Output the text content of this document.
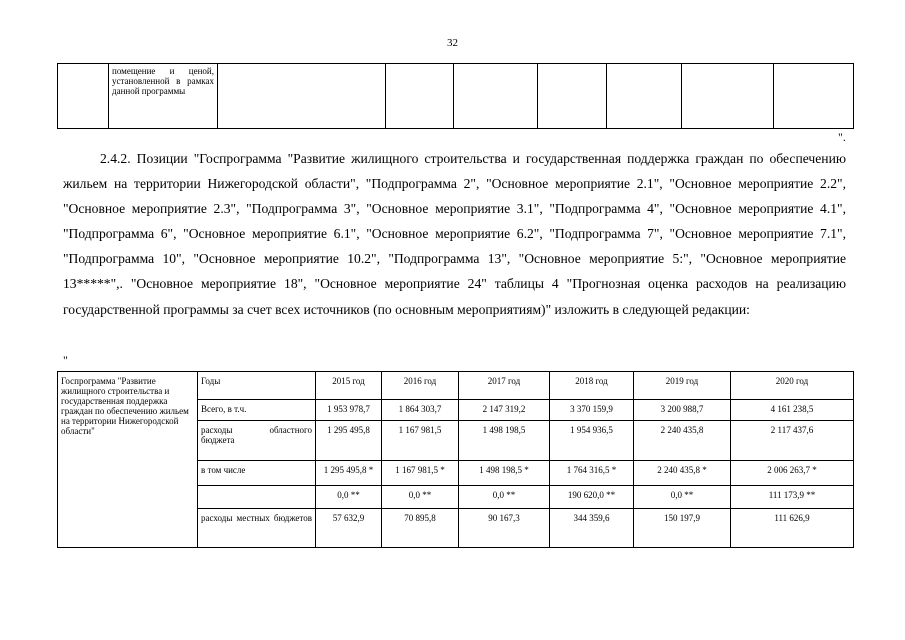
32

помещение и ценой, установленной в рамках данной программы

".

2.4.2. Позиции "Госпрограмма "Развитие жилищного строительства и государственная поддержка граждан по обеспечению жильем на территории Нижегородской области", "Подпрограмма 2", "Основное мероприятие 2.1", "Основное мероприятие 2.2", "Основное мероприятие 2.3", "Подпрограмма 3", "Основное мероприятие 3.1", "Подпрограмма 4", "Основное мероприятие 4.1", "Подпрограмма 6", "Основное мероприятие 6.1", "Основное мероприятие 6.2", "Подпрограмма 7", "Основное мероприятие 7.1", "Подпрограмма 10", "Основное мероприятие 10.2", "Подпрограмма 13", "Основное мероприятие 5:", "Основное мероприятие 13*****",. "Основное мероприятие 18", "Основное мероприятие 24" таблицы 4 "Прогнозная оценка расходов на реализацию государственной программы за счет всех источников (по основным мероприятиям)" изложить в следующей редакции:

"
Госпрограмма "Развитие жилищного строительства и государственная поддержка граждан по обеспечению жильем на территории Нижегородской области"	Годы	2015 год	2016 год	2017 год	2018 год	2019 год	2020 год
	Всего, в т.ч.	1 953 978,7	1 864 303,7	2 147 319,2	3 370 159,9	3 200 988,7	4 161 238,5
	расходы областного бюджета	1 295 495,8	1 167 981,5	1 498 198,5	1 954 936,5	2 240 435,8	2 117 437,6
	в том числе	1 295 495,8 *	1 167 981,5 *	1 498 198,5 *	1 764 316,5 *	2 240 435,8 *	2 006 263,7 *
		0,0 **	0,0 **	0,0 **	190 620,0 **	0,0 **	111 173,9 **
	расходы местных бюджетов	57 632,9	70 895,8	90 167,3	344 359,6	150 197,9	111 626,9
